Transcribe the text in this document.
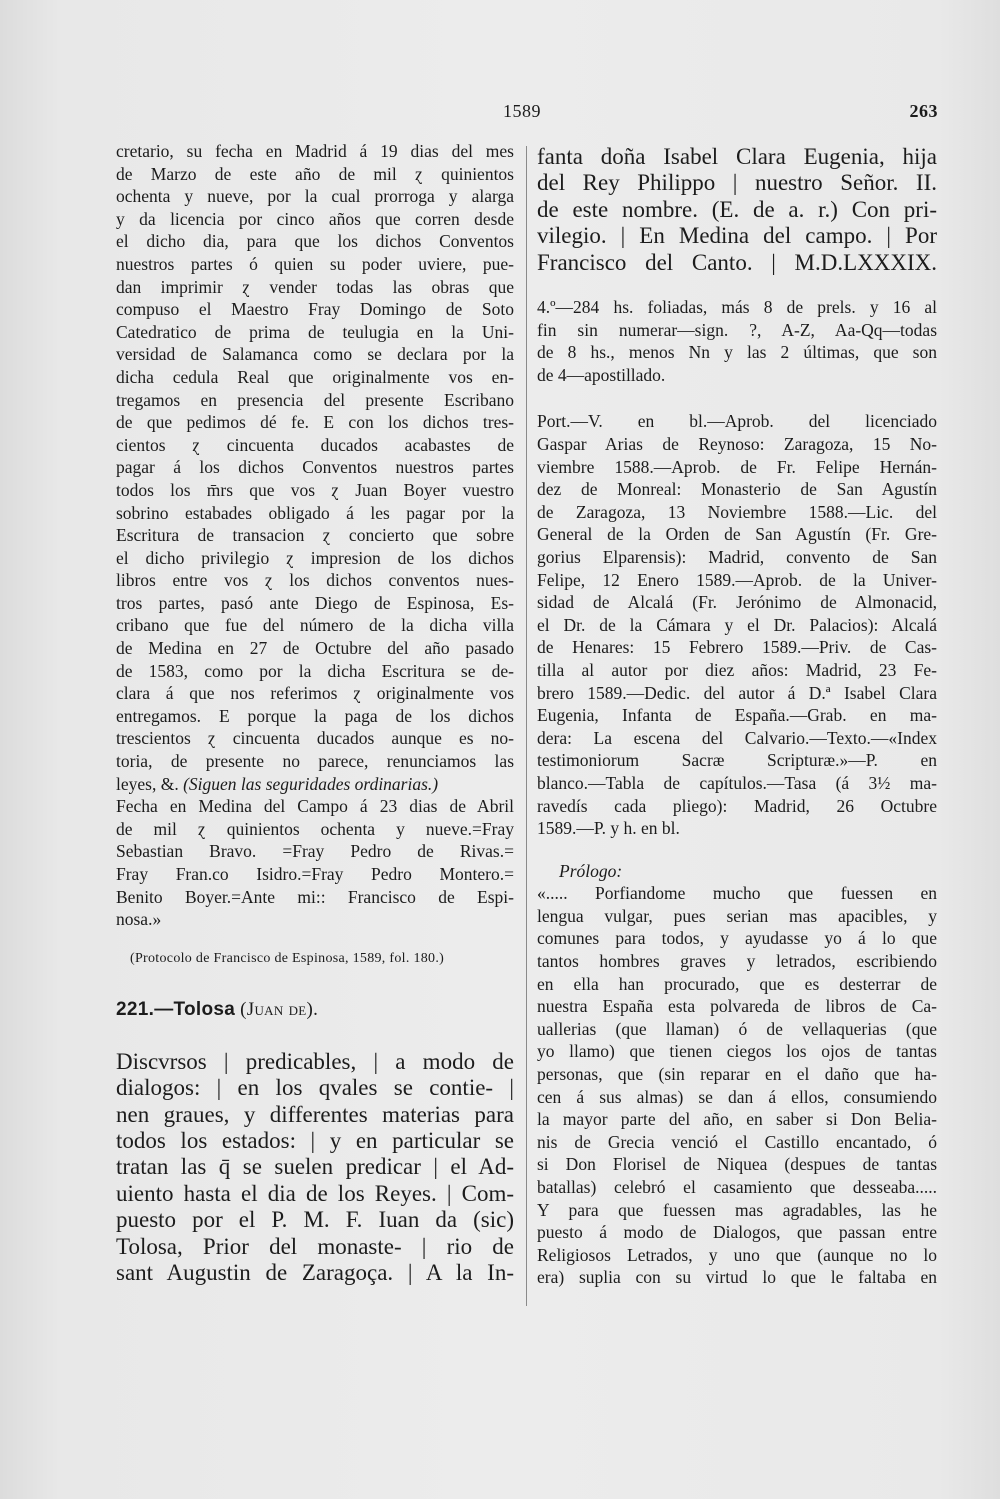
1589	263
cretario, su fecha en Madrid á 19 dias del mes
de Marzo de este año de mil ɀ quinientos
ochenta y nueve, por la cual prorroga y alarga
y da licencia por cinco años que corren desde
el dicho dia, para que los dichos Conventos
nuestros partes ó quien su poder uviere, pue-
dan imprimir ɀ vender todas las obras que
compuso el Maestro Fray Domingo de Soto
Catedratico de prima de teulugia en la Uni-
versidad de Salamanca como se declara por la
dicha cedula Real que originalmente vos en-
tregamos en presencia del presente Escribano
de que pedimos dé fe. E con los dichos tres-
cientos ɀ cincuenta ducados acabastes de
pagar á los dichos Conventos nuestros partes
todos los m̄rs que vos ɀ Juan Boyer vuestro
sobrino estabades obligado á les pagar por la
Escritura de transacion ɀ concierto que sobre
el dicho privilegio ɀ impresion de los dichos
libros entre vos ɀ los dichos conventos nues-
tros partes, pasó ante Diego de Espinosa, Es-
cribano que fue del número de la dicha villa
de Medina en 27 de Octubre del año pasado
de 1583, como por la dicha Escritura se de-
clara á que nos referimos ɀ originalmente vos
entregamos. E porque la paga de los dichos
trescientos ɀ cincuenta ducados aunque es no-
toria, de presente no parece, renunciamos las
leyes, &. (Siguen las seguridades ordinarias.)
Fecha en Medina del Campo á 23 dias de Abril
de mil ɀ quinientos ochenta y nueve.=Fray
Sebastian Bravo. =Fray Pedro de Rivas.=
Fray Fran.co Isidro.=Fray Pedro Montero.=
Benito Boyer.=Ante mi:: Francisco de Espi-
nosa.»
(Protocolo de Francisco de Espinosa, 1589, fol. 180.)
221.—Tolosa (Juan de).
Discvrsos | predicables, | a modo de
dialogos: | en los qvales se contie- |
nen graues, y differentes materias para
todos los estados: | y en particular se
tratan las q̄ se suelen predicar | el Ad-
uiento hasta el dia de los Reyes. | Com-
puesto por el P. M. F. Iuan da (sic)
Tolosa, Prior del monaste- | rio de
sant Augustin de Zaragoça. | A la In-
fanta doña Isabel Clara Eugenia, hija
del Rey Philippo | nuestro Señor. II.
de este nombre. (E. de a. r.) Con pri-
vilegio. | En Medina del campo. | Por
Francisco del Canto. | M.D.LXXXIX.
4.º—284 hs. foliadas, más 8 de prels. y 16 al
fin sin numerar—sign. ?, A-Z, Aa-Qq—todas
de 8 hs., menos Nn y las 2 últimas, que son
de 4—apostillado.
Port.—V. en bl.—Aprob. del licenciado
Gaspar Arias de Reynoso: Zaragoza, 15 No-
viembre 1588.—Aprob. de Fr. Felipe Hernán-
dez de Monreal: Monasterio de San Agustín
de Zaragoza, 13 Noviembre 1588.—Lic. del
General de la Orden de San Agustín (Fr. Gre-
gorius Elparensis): Madrid, convento de San
Felipe, 12 Enero 1589.—Aprob. de la Univer-
sidad de Alcalá (Fr. Jerónimo de Almonacid,
el Dr. de la Cámara y el Dr. Palacios): Alcalá
de Henares: 15 Febrero 1589.—Priv. de Cas-
tilla al autor por diez años: Madrid, 23 Fe-
brero 1589.—Dedic. del autor á D.ª Isabel Clara
Eugenia, Infanta de España.—Grab. en ma-
dera: La escena del Calvario.—Texto.—«Index
testimoniorum Sacræ Scripturæ.»—P. en
blanco.—Tabla de capítulos.—Tasa (á 3½ ma-
ravedís cada pliego): Madrid, 26 Octubre
1589.—P. y h. en bl.
Prólogo:
«..... Porfiandome mucho que fuessen en
lengua vulgar, pues serian mas apacibles, y
comunes para todos, y ayudasse yo á lo que
tantos hombres graves y letrados, escribiendo
en ella han procurado, que es desterrar de
nuestra España esta polvareda de libros de Ca-
uallerias (que llaman) ó de vellaquerias (que
yo llamo) que tienen ciegos los ojos de tantas
personas, que (sin reparar en el daño que ha-
cen á sus almas) se dan á ellos, consumiendo
la mayor parte del año, en saber si Don Belia-
nis de Grecia venció el Castillo encantado, ó
si Don Florisel de Niquea (despues de tantas
batallas) celebró el casamiento que desseaba.....
Y para que fuessen mas agradables, las he
puesto á modo de Dialogos, que passan entre
Religiosos Letrados, y uno que (aunque no lo
era) suplia con su virtud lo que le faltaba en
